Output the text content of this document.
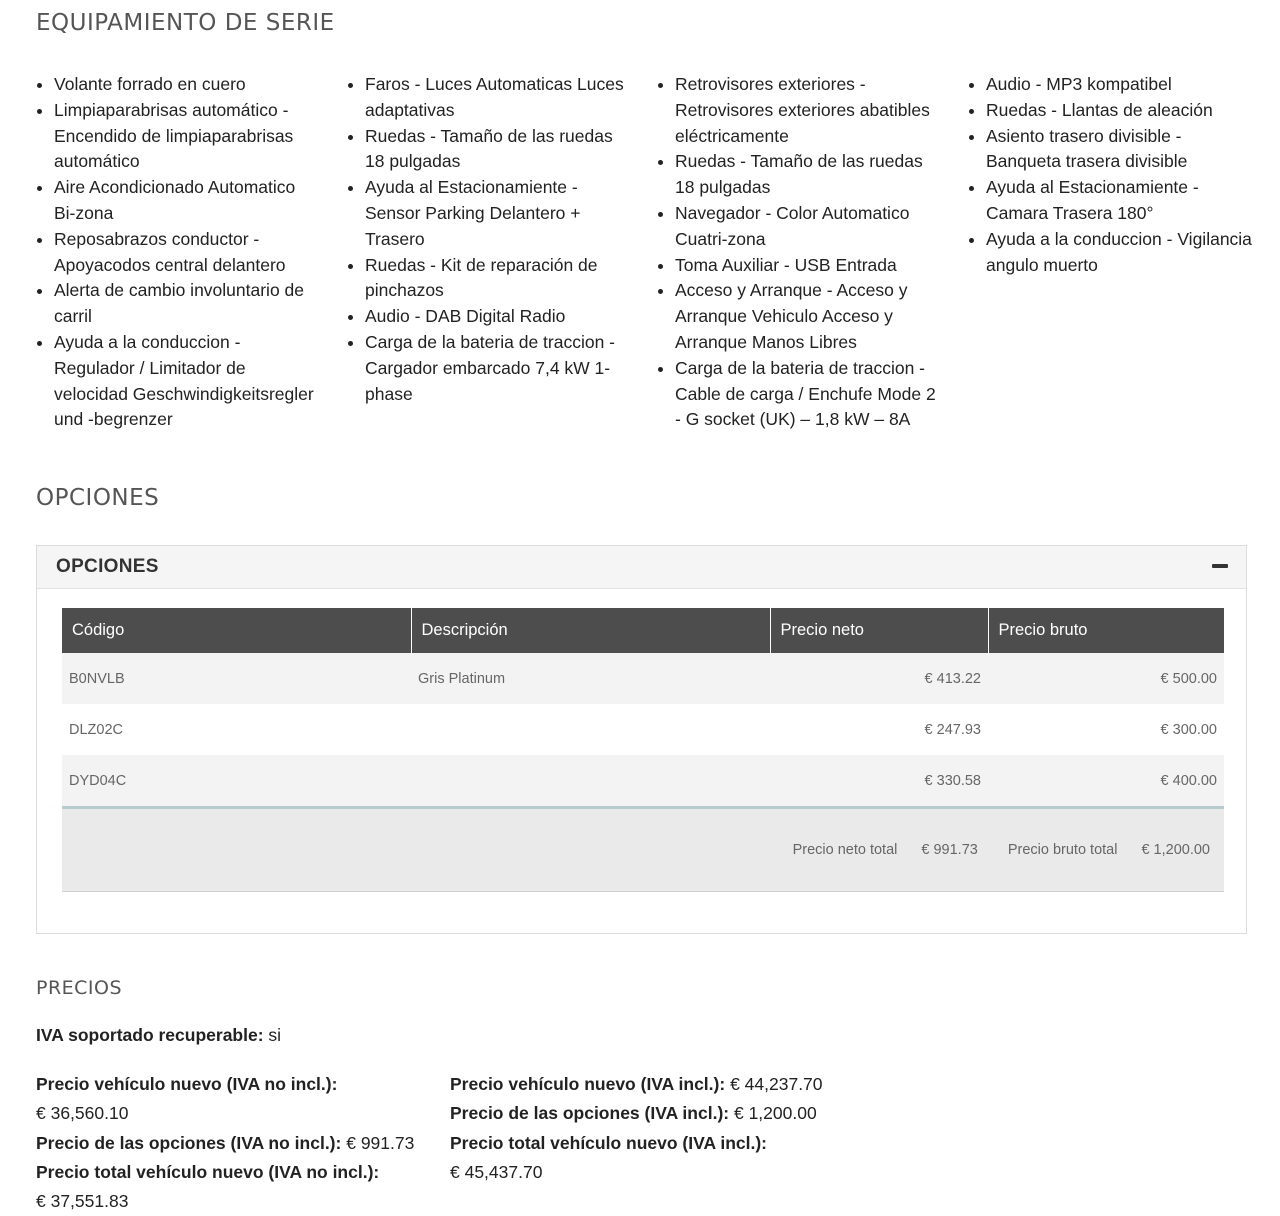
EQUIPAMIENTO DE SERIE
• Volante forrado en cuero
• Limpiaparabrisas automático - Encendido de limpiaparabrisas automático
• Aire Acondicionado Automatico Bi-zona
• Reposabrazos conductor - Apoyacodos central delantero
• Alerta de cambio involuntario de carril
• Ayuda a la conduccion - Regulador / Limitador de velocidad Geschwindigkeitsregler und -begrenzer
• Faros - Luces Automaticas Luces adaptativas
• Ruedas - Tamaño de las ruedas 18 pulgadas
• Ayuda al Estacionamiente - Sensor Parking Delantero + Trasero
• Ruedas - Kit de reparación de pinchazos
• Audio - DAB Digital Radio
• Carga de la bateria de traccion - Cargador embarcado 7,4 kW 1-phase
• Retrovisores exteriores - Retrovisores exteriores abatibles eléctricamente
• Ruedas - Tamaño de las ruedas 18 pulgadas
• Navegador - Color Automatico Cuatri-zona
• Toma Auxiliar - USB Entrada
• Acceso y Arranque - Acceso y Arranque Vehiculo Acceso y Arranque Manos Libres
• Carga de la bateria de traccion - Cable de carga / Enchufe Mode 2 - G socket (UK) – 1,8 kW – 8A
• Audio - MP3 kompatibel
• Ruedas - Llantas de aleación
• Asiento trasero divisible - Banqueta trasera divisible
• Ayuda al Estacionamiente - Camara Trasera 180°
• Ayuda a la conduccion - Vigilancia angulo muerto
OPCIONES
OPCIONES
Código	Descripción	Precio neto	Precio bruto
B0NVLB	Gris Platinum	€ 413.22	€ 500.00
DLZ02C		€ 247.93	€ 300.00
DYD04C		€ 330.58	€ 400.00

Precio neto total € 991.73 Precio bruto total € 1,200.00			
PRECIOS
IVA soportado recuperable: si
Precio vehículo nuevo (IVA no incl.):
€ 36,560.10
Precio de las opciones (IVA no incl.): € 991.73
Precio total vehículo nuevo (IVA no incl.):
€ 37,551.83
Precio vehículo nuevo (IVA incl.): € 44,237.70
Precio de las opciones (IVA incl.): € 1,200.00
Precio total vehículo nuevo (IVA incl.):
€ 45,437.70
